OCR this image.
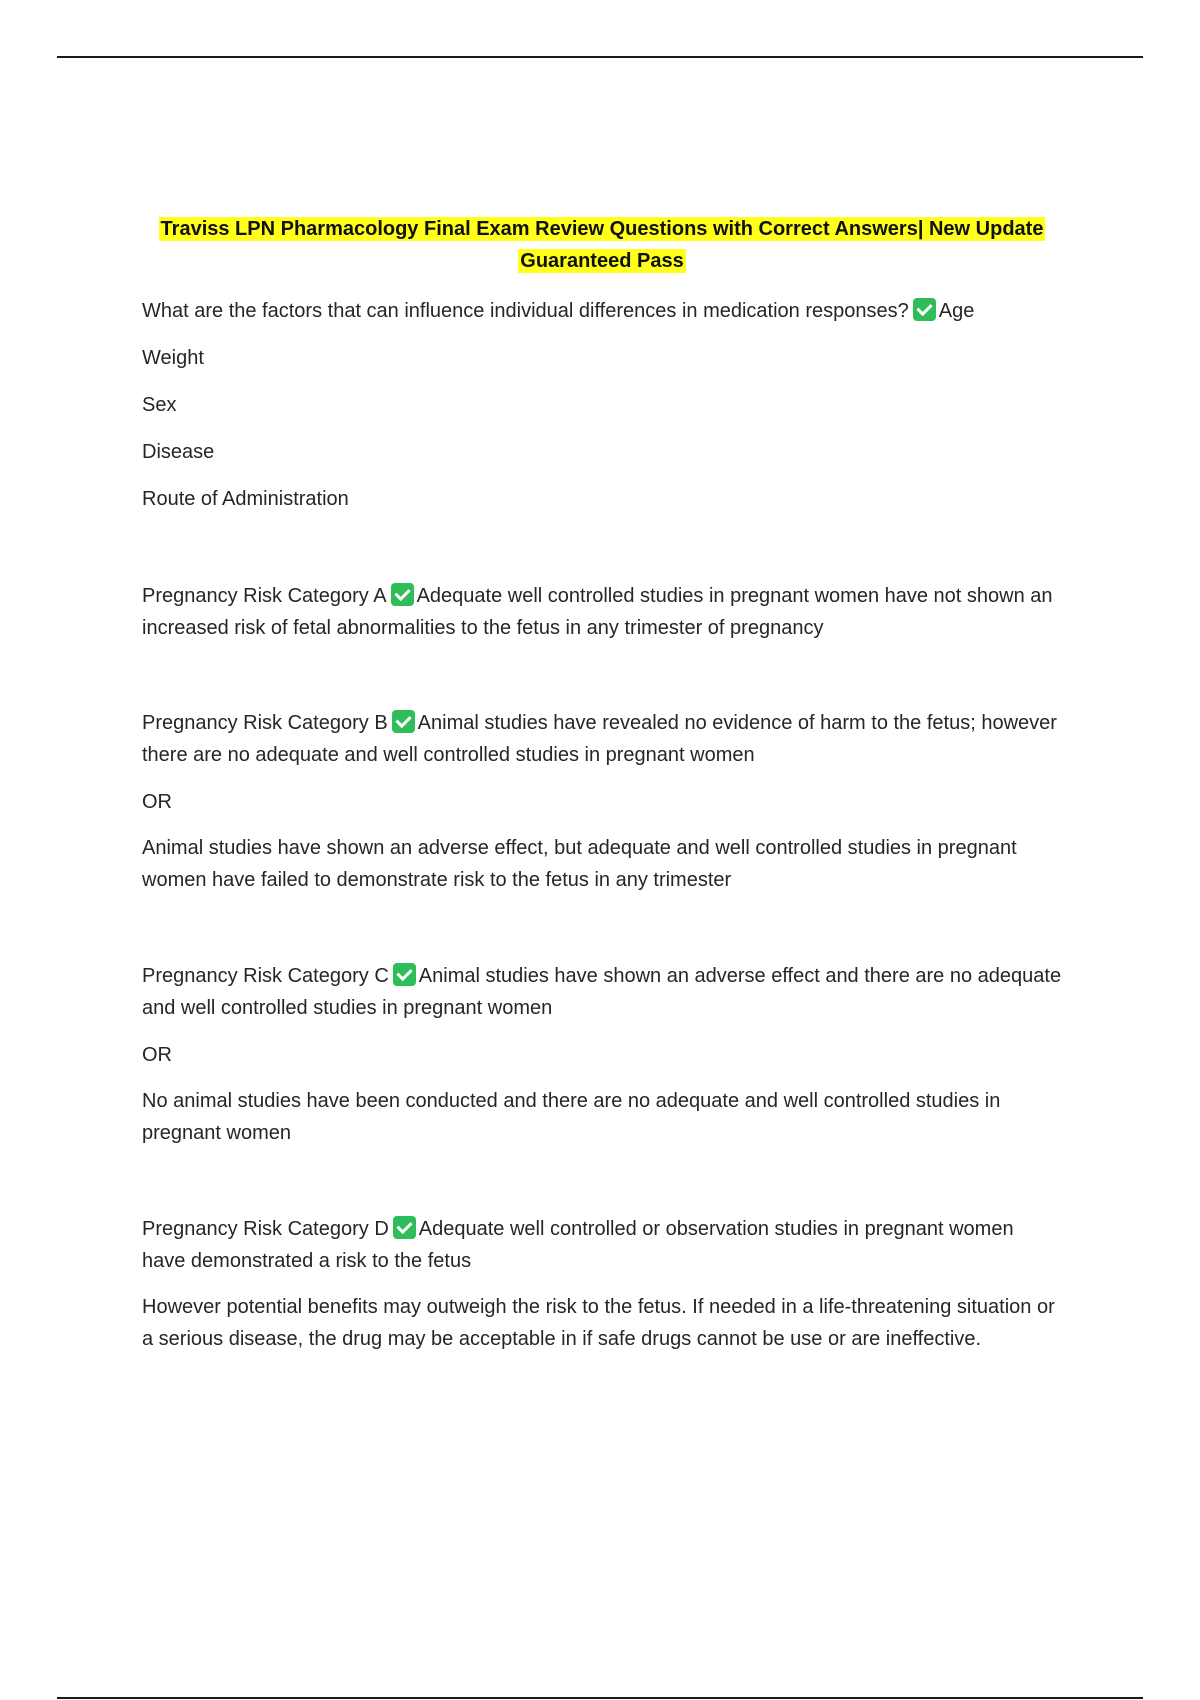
Traviss LPN Pharmacology Final Exam Review Questions with Correct Answers| New Update
Guaranteed Pass

What are the factors that can influence individual differences in medication responses? Age

Weight

Sex

Disease

Route of Administration

Pregnancy Risk Category A Adequate well controlled studies in pregnant women have not shown an increased risk of fetal abnormalities to the fetus in any trimester of pregnancy

Pregnancy Risk Category B Animal studies have revealed no evidence of harm to the fetus; however there are no adequate and well controlled studies in pregnant women

OR

Animal studies have shown an adverse effect, but adequate and well controlled studies in pregnant women have failed to demonstrate risk to the fetus in any trimester

Pregnancy Risk Category C Animal studies have shown an adverse effect and there are no adequate and well controlled studies in pregnant women

OR

No animal studies have been conducted and there are no adequate and well controlled studies in pregnant women

Pregnancy Risk Category D Adequate well controlled or observation studies in pregnant women have demonstrated a risk to the fetus

However potential benefits may outweigh the risk to the fetus. If needed in a life-threatening situation or a serious disease, the drug may be acceptable in if safe drugs cannot be use or are ineffective.
